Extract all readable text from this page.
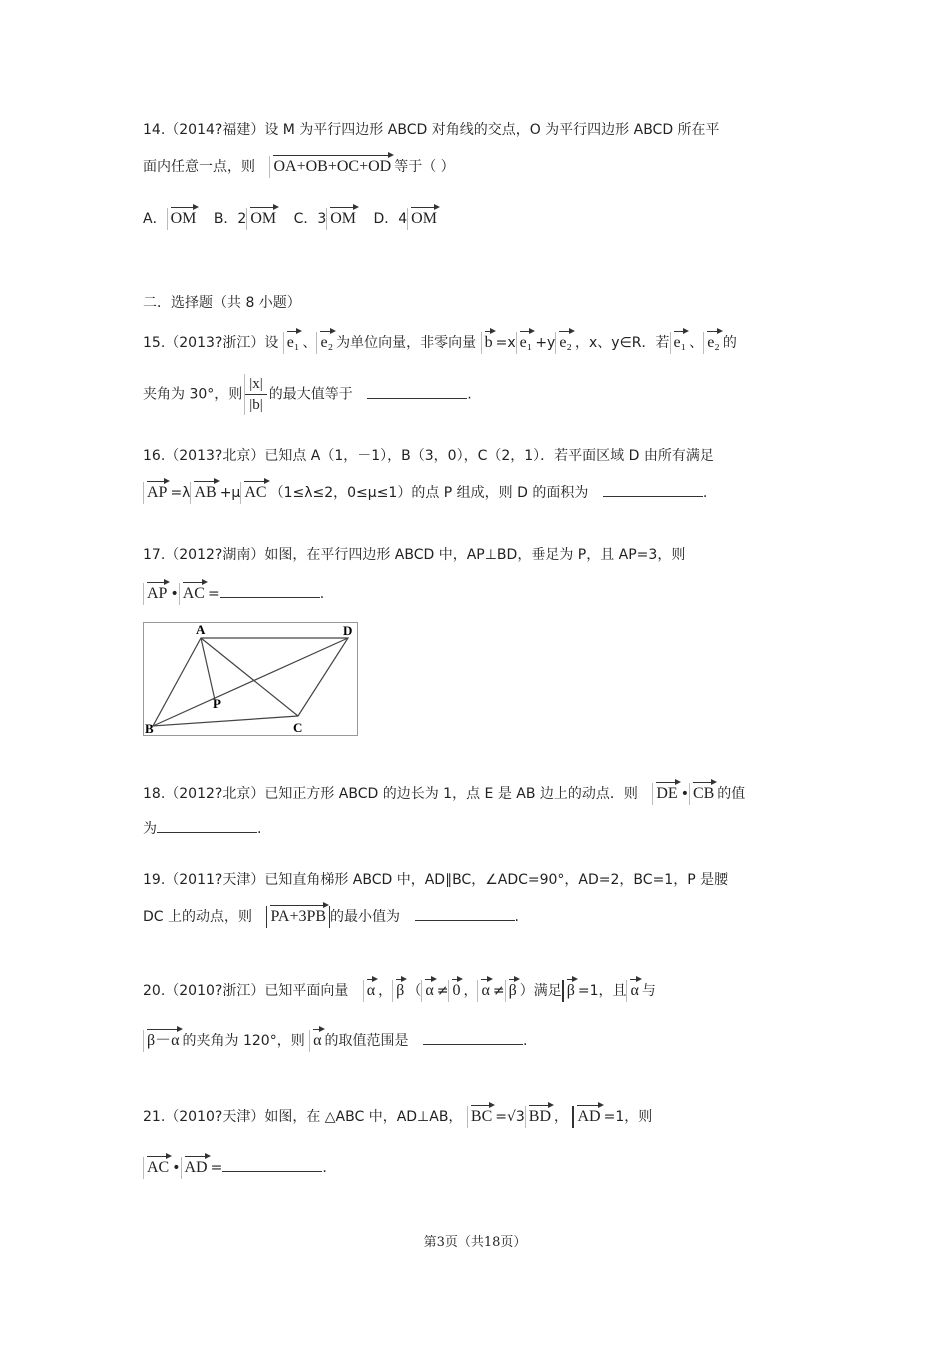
14.（2014?福建）设 M 为平行四边形 ABCD 对角线的交点，O 为平行四边形 ABCD 所在平
面内任意一点，则 OA+OB+OC+OD 等于（ ）
A． OM B．2 OM C．3 OM D．4 OM
二．选择题（共 8 小题）
15.（2013?浙江）设 e₁ 、 e₂ 为单位向量，非零向量 b =x e₁ +y e₂ ，x、y∈R．若 e₁ 、 e₂ 的
夹角为 30°，则 $\frac{|x|}{|b|}$ 的最大值等于	.
16.（2013?北京）已知点 A（1，－1），B（3，0），C（2，1）．若平面区域 D 由所有满足
AP =λ AB +μ AC （1≤λ≤2，0≤μ≤1）的点 P 组成，则 D 的面积为	.
17.（2012?湖南）如图，在平行四边形 ABCD 中，AP⊥BD，垂足为 P，且 AP=3，则
AP • AC =	.
A	D
B	C
P
18.（2012?北京）已知正方形 ABCD 的边长为 1，点 E 是 AB 边上的动点．则 DE • CB 的值
为	.
19.（2011?天津）已知直角梯形 ABCD 中，AD∥BC，∠ADC=90°，AD=2，BC=1，P 是腰
DC 上的动点，则 PA+3PB 的最小值为	.
20.（2010?浙江）已知平面向量 α ， β （ α ≠ 0 ， α ≠ β ）满足 β =1，且 α 与
β－α 的夹角为 120°，则 α 的取值范围是	.
21.（2010?天津）如图，在 △ABC 中，AD⊥AB， BC =√3 BD ， AD =1，则
AC • AD =	.
第3页（共18页）
